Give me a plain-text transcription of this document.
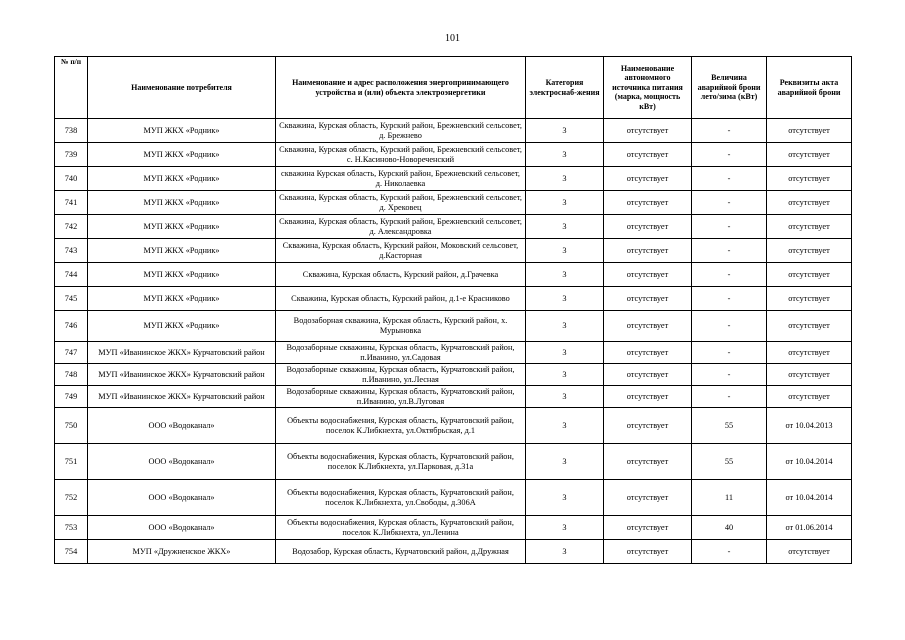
101
№ п/п	Наименование потребителя	Наименование и адрес расположения энергопринимающего устройства и (или) объекта электроэнергетики	Категория электроснаб-жения	Наименование автономного источника питания (марка, мощность кВт)	Величина аварийной брони лето/зима (кВт)	Реквизиты акта аварийной брони
738	МУП ЖКХ «Родник»	Скважина, Курская область, Курский район, Брежневский сельсовет, д. Брежнево	3	отсутствует	-	отсутствует
739	МУП ЖКХ «Родник»	Скважина, Курская область, Курский район, Брежневский сельсовет, с. Н.Касиново-Новореченский	3	отсутствует	-	отсутствует
740	МУП ЖКХ «Родник»	скважина Курская область, Курский район, Брежневский сельсовет, д. Николаевка	3	отсутствует	-	отсутствует
741	МУП ЖКХ «Родник»	Скважина, Курская область, Курский район, Брежневский сельсовет, д. Хрековец	3	отсутствует	-	отсутствует
742	МУП ЖКХ «Родник»	Скважина, Курская область, Курский район, Брежневский сельсовет, д. Александровка	3	отсутствует	-	отсутствует
743	МУП ЖКХ «Родник»	Скважина, Курская область, Курский район, Моковский сельсовет, д.Касторная	3	отсутствует	-	отсутствует
744	МУП ЖКХ «Родник»	Скважина, Курская область, Курский район, д.Грачевка	3	отсутствует	-	отсутствует
745	МУП ЖКХ «Родник»	Скважина, Курская область, Курский район, д.1-е Красниково	3	отсутствует	-	отсутствует
746	МУП ЖКХ «Родник»	Водозаборная скважина, Курская область, Курский район, х. Мурыновка	3	отсутствует	-	отсутствует
747	МУП «Иванинское ЖКХ» Курчатовский район	Водозаборные скважины, Курская область, Курчатовский район, п.Иванино, ул.Садовая	3	отсутствует	-	отсутствует
748	МУП «Иванинское ЖКХ» Курчатовский район	Водозаборные скважины, Курская область, Курчатовский район, п.Иванино, ул.Лесная	3	отсутствует	-	отсутствует
749	МУП «Иванинское ЖКХ» Курчатовский район	Водозаборные скважины, Курская область, Курчатовский район, п.Иванино, ул.В.Луговая	3	отсутствует	-	отсутствует
750	ООО «Водоканал»	Объекты водоснабжения, Курская область, Курчатовский район, поселок К.Либкнехта, ул.Октябрьская, д.1	3	отсутствует	55	от 10.04.2013
751	ООО «Водоканал»	Объекты водоснабжения, Курская область, Курчатовский район, поселок К.Либкнехта, ул.Парковая, д.31а	3	отсутствует	55	от 10.04.2014
752	ООО «Водоканал»	Объекты водоснабжения, Курская область, Курчатовский район, поселок К.Либкнехта, ул.Свободы, д.306А	3	отсутствует	11	от 10.04.2014
753	ООО «Водоканал»	Объекты водоснабжения, Курская область, Курчатовский район, поселок К.Либкнехта, ул.Ленина	3	отсутствует	40	от 01.06.2014
754	МУП «Дружненское ЖКХ»	Водозабор, Курская область, Курчатовский район, д.Дружная	3	отсутствует	-	отсутствует
